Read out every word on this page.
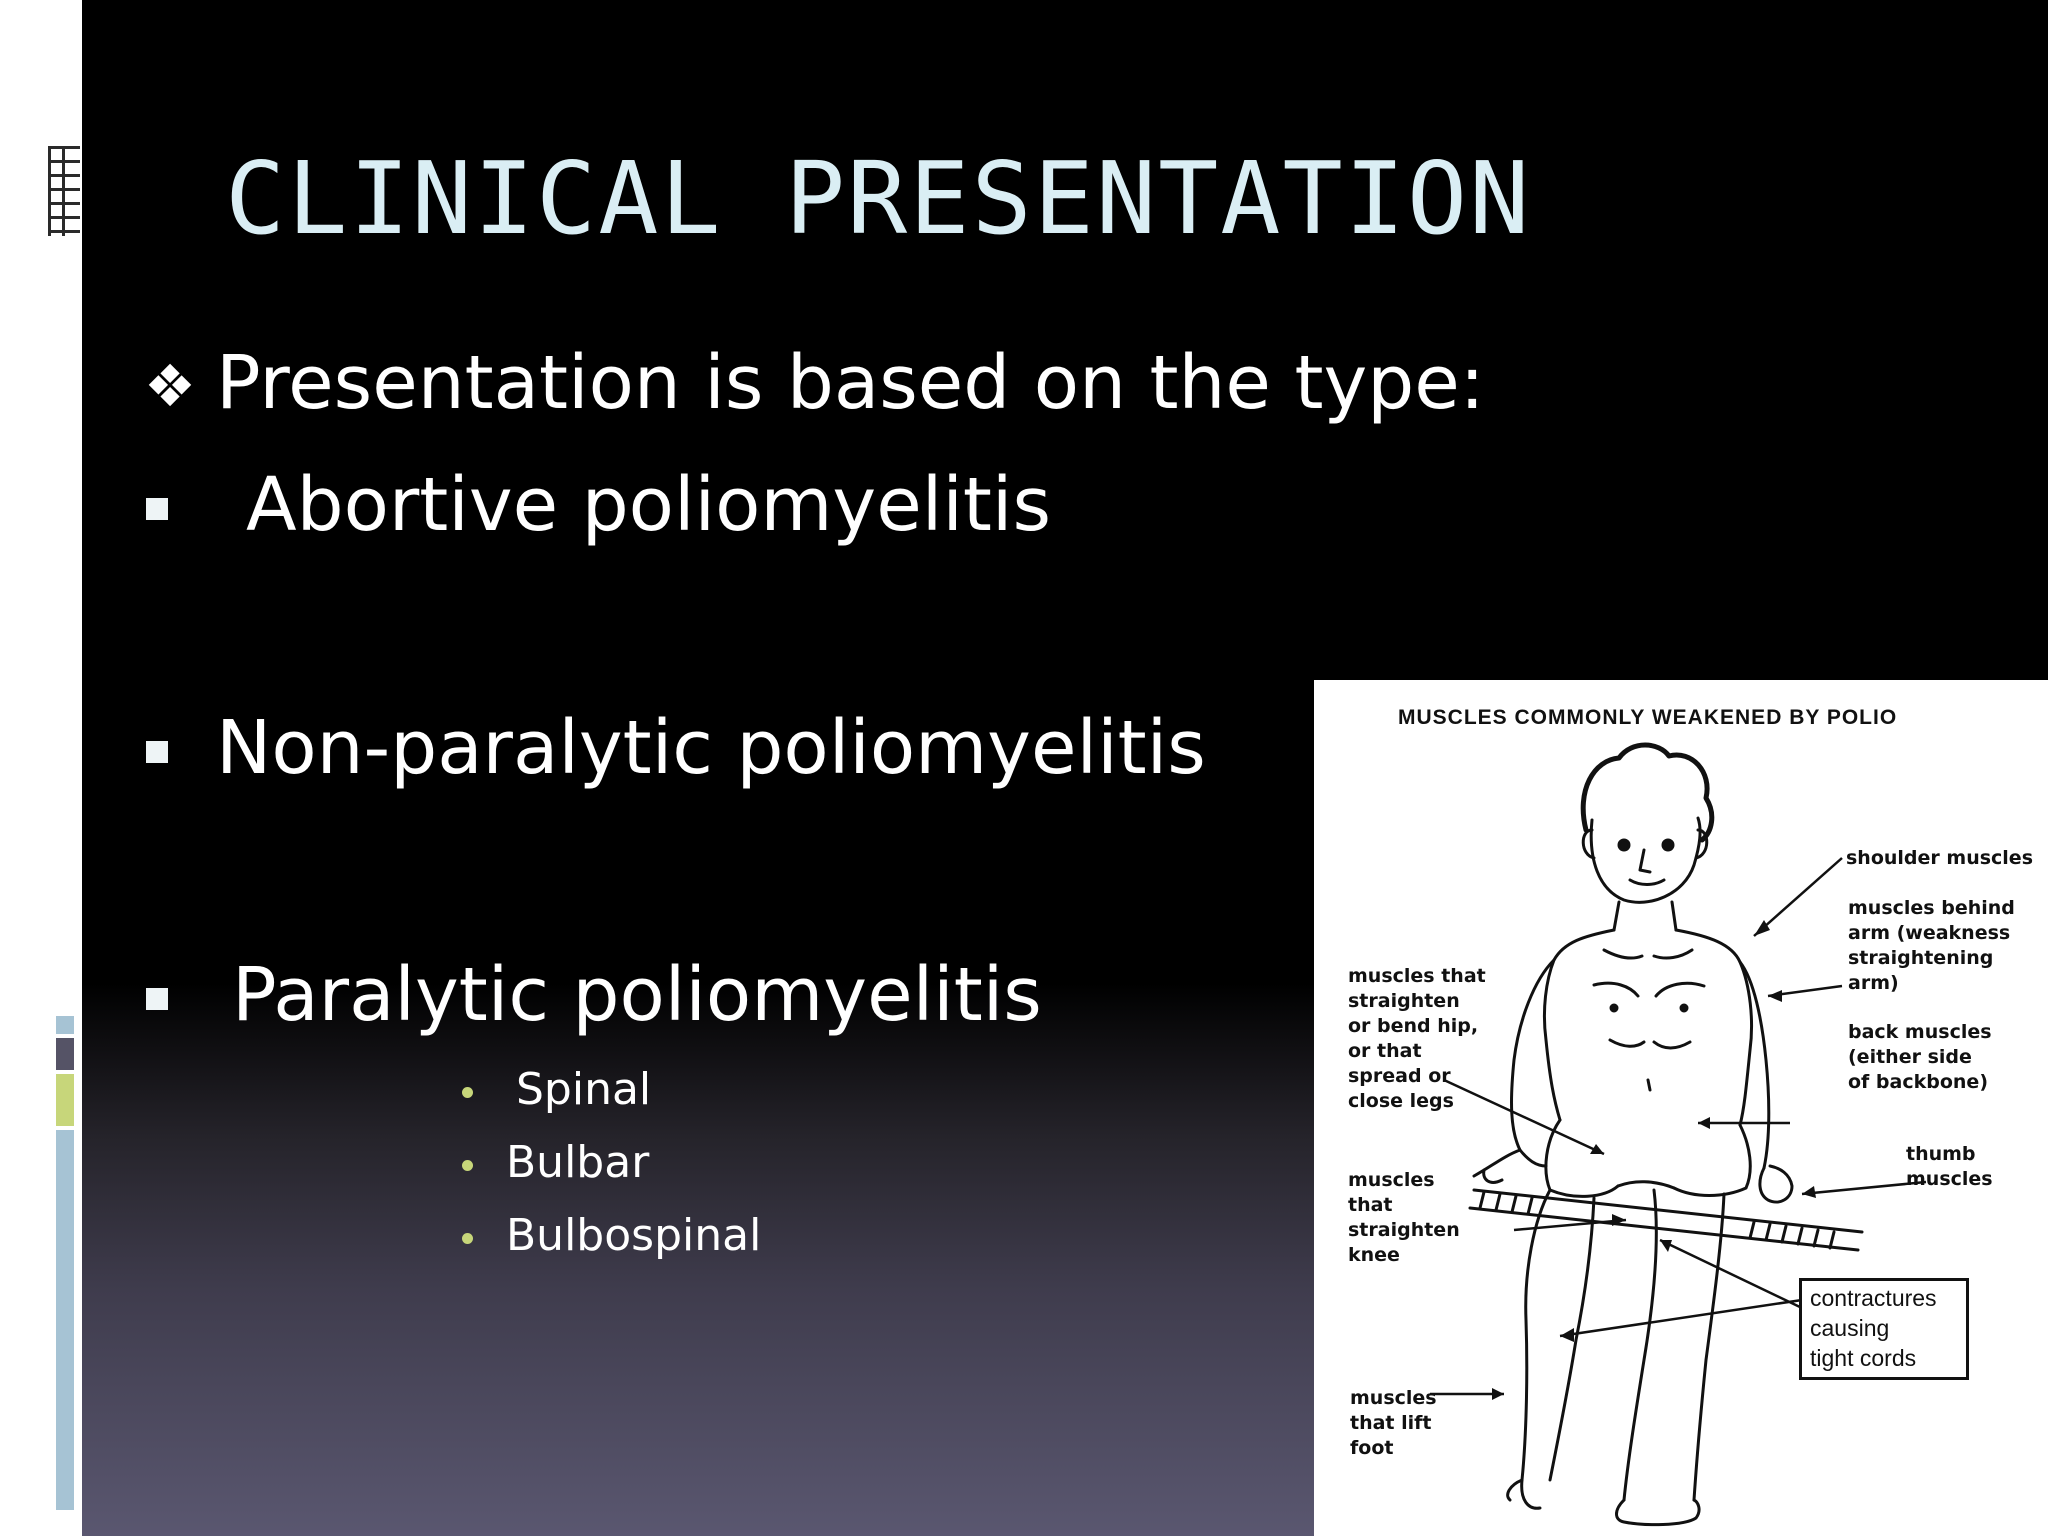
CLINICAL PRESENTATION
❖ Presentation is based on the type:
Abortive poliomyelitis
Non-paralytic poliomyelitis
Paralytic poliomyelitis
Spinal
Bulbar
Bulbospinal
MUSCLES COMMONLY WEAKENED BY POLIO
shoulder muscles
muscles behind
arm (weakness
straightening
arm)
back muscles
(either side
of backbone)
thumb
muscles
muscles that
straighten
or bend hip,
or that
spread or
close legs
muscles
that
straighten
knee
muscles
that lift
foot
contractures
causing
tight cords
